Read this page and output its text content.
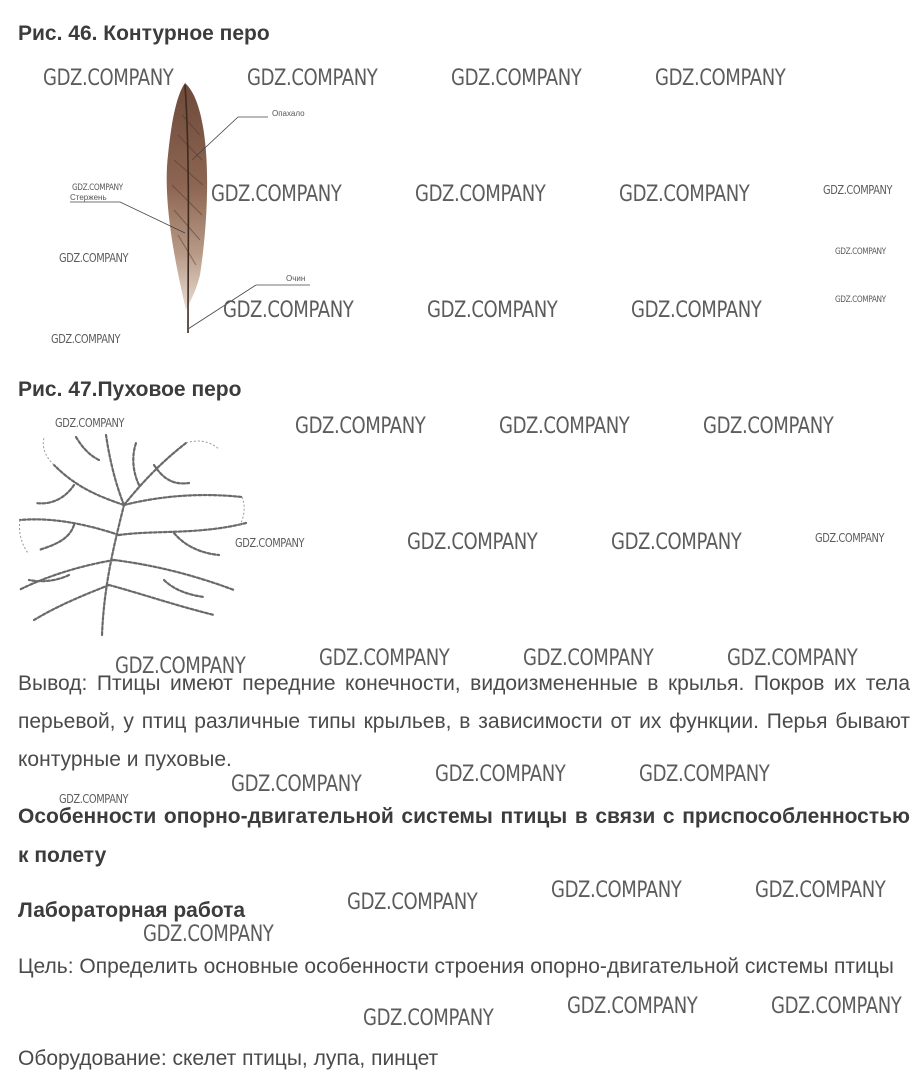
Рис. 46. Контурное перо
Опахало
Стержень
Очин
Рис. 47.Пуховое перо
Вывод: Птицы имеют передние конечности, видоизмененные в крылья. Покров их тела перьевой, у птиц различные типы крыльев, в зависимости от их функции. Перья бывают контурные и пуховые.
Особенности опорно-двигательной системы птицы в связи с приспособленностью к полету
Лабораторная работа
Цель: Определить основные особенности строения опорно-двигательной системы птицы
Оборудование: скелет птицы, лупа, пинцет
GDZ.COMPANY	GDZ.COMPANY	GDZ.COMPANY	GDZ.COMPANY
GDZ.COMPANY	GDZ.COMPANY	GDZ.COMPANY	GDZ.COMPANY	GDZ.COMPANY
GDZ.COMPANY
GDZ.COMPANY
GDZ.COMPANY
GDZ.COMPANY	GDZ.COMPANY	GDZ.COMPANY
GDZ.COMPANY
GDZ.COMPANY	GDZ.COMPANY	GDZ.COMPANY	GDZ.COMPANY
GDZ.COMPANY	GDZ.COMPANY	GDZ.COMPANY	GDZ.COMPANY
GDZ.COMPANY	GDZ.COMPANY	GDZ.COMPANY	GDZ.COMPANY
GDZ.COMPANY	GDZ.COMPANY	GDZ.COMPANY
GDZ.COMPANY
GDZ.COMPANY	GDZ.COMPANY
GDZ.COMPANY
GDZ.COMPANY
GDZ.COMPANY	GDZ.COMPANY
GDZ.COMPANY
